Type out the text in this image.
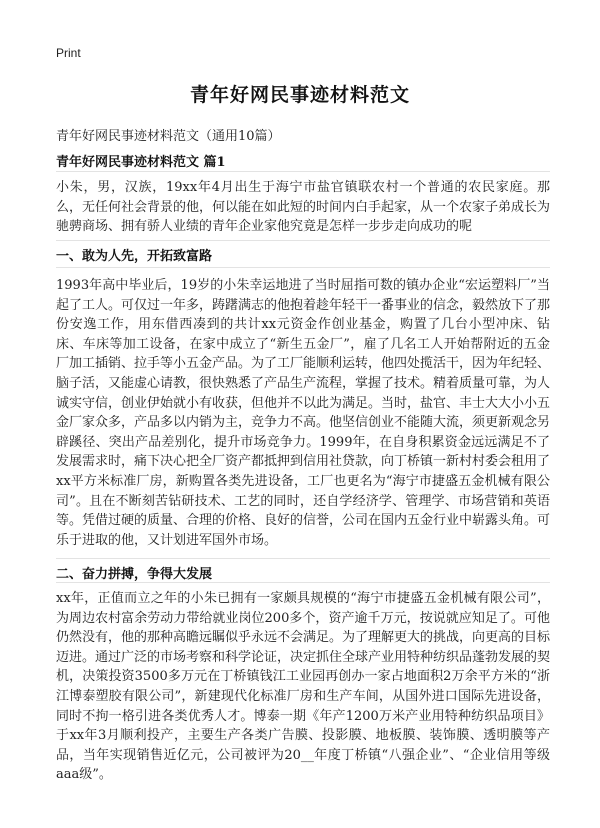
Print
青年好网民事迹材料范文
青年好网民事迹材料范文（通用10篇）
青年好网民事迹材料范文 篇1

小朱，男，汉族，19xx年4月出生于海宁市盐官镇联农村一个普通的农民家庭。那么，无任何社会背景的他，何以能在如此短的时间内白手起家，从一个农家子弟成长为驰骋商场、拥有骄人业绩的青年企业家他究竟是怎样一步步走向成功的呢

一、敢为人先，开拓致富路

1993年高中毕业后，19岁的小朱幸运地进了当时屈指可数的镇办企业“宏运塑料厂”当起了工人。可仅过一年多，踌躇满志的他抱着趁年轻干一番事业的信念，毅然放下了那份安逸工作，用东借西凑到的共计xx元资金作创业基金，购置了几台小型冲床、钻床、车床等加工设备，在家中成立了“新生五金厂”，雇了几名工人开始帮附近的五金厂加工插销、拉手等小五金产品。为了工厂能顺利运转，他四处揽活干，因为年纪轻、脑子活，又能虚心请教，很快熟悉了产品生产流程，掌握了技术。精着质量可靠，为人诚实守信，创业伊始就小有收获，但他并不以此为满足。当时，盐官、丰士大大小小五金厂家众多，产品多以内销为主，竞争力不高。他坚信创业不能随大流，须更新观念另辟蹊径、突出产品差别化，提升市场竞争力。1999年，在自身积累资金远远满足不了发展需求时，痛下决心把全厂资产都抵押到信用社贷款，向丁桥镇一新村村委会租用了xx平方米标准厂房，新购置各类先进设备，工厂也更名为“海宁市捷盛五金机械有限公司”。且在不断刻苦钻研技术、工艺的同时，还自学经济学、管理学、市场营销和英语等。凭借过硬的质量、合理的价格、良好的信誉，公司在国内五金行业中崭露头角。可乐于进取的他，又计划进军国外市场。

二、奋力拼搏，争得大发展

xx年，正值而立之年的小朱已拥有一家颇具规模的“海宁市捷盛五金机械有限公司”，为周边农村富余劳动力带给就业岗位200多个，资产逾千万元，按说就应知足了。可他仍然没有，他的那种高瞻远瞩似乎永远不会满足。为了理解更大的挑战，向更高的目标迈进。通过广泛的市场考察和科学论证，决定抓住全球产业用特种纺织品蓬勃发展的契机，决策投资3500多万元在丁桥镇钱江工业园再创办一家占地面积2万余平方米的“浙江博泰塑胶有限公司”，新建现代化标准厂房和生产车间，从国外进口国际先进设备，同时不拘一格引进各类优秀人才。博泰一期《年产1200万米产业用特种纺织品项目》于xx年3月顺利投产，主要生产各类广告膜、投影膜、地板膜、装饰膜、透明膜等产品，当年实现销售近亿元，公司被评为20__年度丁桥镇“八强企业”、“企业信用等级aaa级”。
